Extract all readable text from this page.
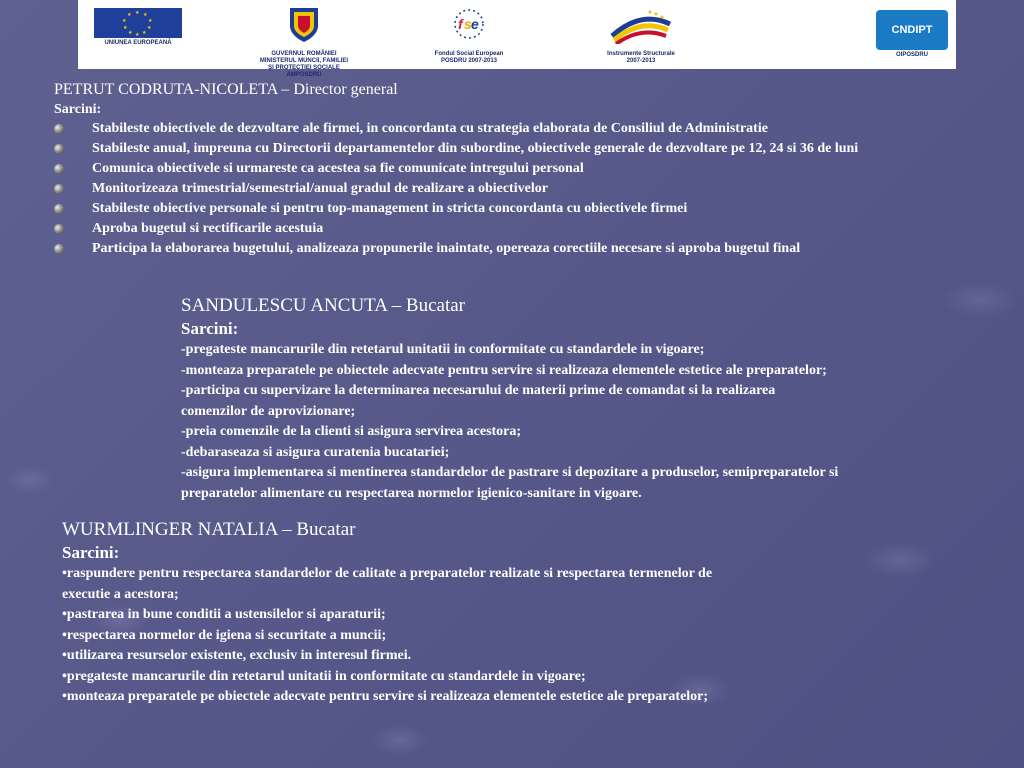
★ ★
★
★
★
★
★
★
★
★
UNIUNEA EUROPEANĂ
GUVERNUL ROMÂNIEI
MINISTERUL MUNCII, FAMILIEI
ŞI PROTECŢIEI SOCIALE
AMPOSDRU
f s e
Fondul Social European
POSDRU 2007-2013
Instrumente Structurale
2007-2013
CNDIPT
OIPOSDRU

PETRUT CODRUTA-NICOLETA – Director general

Sarcini:

Stabileste obiectivele de dezvoltare ale firmei, in concordanta cu strategia elaborata de Consiliul de Administratie
Stabileste anual, impreuna cu Directorii departamentelor din subordine, obiectivele generale de dezvoltare pe 12, 24 si 36 de luni
Comunica obiectivele si urmareste ca acestea sa fie comunicate intregului personal
Monitorizeaza trimestrial/semestrial/anual gradul de realizare a obiectivelor
Stabileste obiective personale si pentru top-management in stricta concordanta cu obiectivele firmei
Aproba bugetul si rectificarile acestuia
Participa la elaborarea bugetului, analizeaza propunerile inaintate, opereaza corectiile necesare si aproba bugetul final

SANDULESCU ANCUTA – Bucatar

Sarcini:

-pregateste mancarurile din retetarul unitatii in conformitate cu standardele in vigoare;

-monteaza preparatele pe obiectele adecvate pentru servire si realizeaza elementele estetice ale preparatelor;

-participa cu supervizare la determinarea necesarului de materii prime de comandat si la realizarea

comenzilor de aprovizionare;

-preia comenzile de la clienti si asigura servirea acestora;

-debaraseaza si asigura curatenia bucatariei;

-asigura implementarea si mentinerea standardelor de pastrare si depozitare a produselor, semipreparatelor si

preparatelor alimentare cu respectarea normelor igienico-sanitare in vigoare.

WURMLINGER NATALIA – Bucatar

Sarcini:

•raspundere pentru respectarea standardelor de calitate a preparatelor realizate si respectarea termenelor de

executie a acestora;

•pastrarea in bune conditii a ustensilelor si aparaturii;

•respectarea normelor de igiena si securitate a muncii;

•utilizarea resurselor existente, exclusiv in interesul firmei.

•pregateste mancarurile din retetarul unitatii in conformitate cu standardele in vigoare;

•monteaza preparatele pe obiectele adecvate pentru servire si realizeaza elementele estetice ale preparatelor;
